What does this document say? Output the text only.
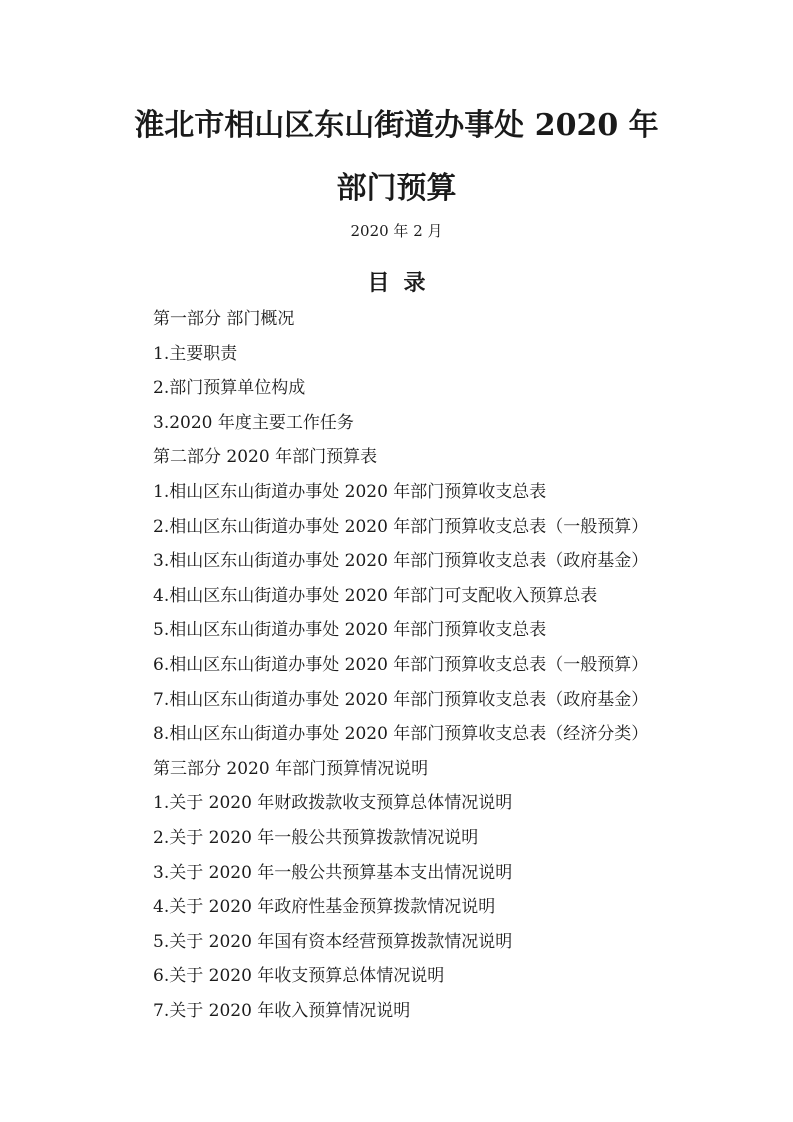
淮北市相山区东山街道办事处 2020 年
部门预算
2020 年 2 月
目录
第一部分 部门概况
1.主要职责
2.部门预算单位构成
3.2020 年度主要工作任务
第二部分 2020 年部门预算表
1.相山区东山街道办事处 2020 年部门预算收支总表
2.相山区东山街道办事处 2020 年部门预算收支总表（一般预算）
3.相山区东山街道办事处 2020 年部门预算收支总表（政府基金）
4.相山区东山街道办事处 2020 年部门可支配收入预算总表
5.相山区东山街道办事处 2020 年部门预算收支总表
6.相山区东山街道办事处 2020 年部门预算收支总表（一般预算）
7.相山区东山街道办事处 2020 年部门预算收支总表（政府基金）
8.相山区东山街道办事处 2020 年部门预算收支总表（经济分类）
第三部分 2020 年部门预算情况说明
1.关于 2020 年财政拨款收支预算总体情况说明
2.关于 2020 年一般公共预算拨款情况说明
3.关于 2020 年一般公共预算基本支出情况说明
4.关于 2020 年政府性基金预算拨款情况说明
5.关于 2020 年国有资本经营预算拨款情况说明
6.关于 2020 年收支预算总体情况说明
7.关于 2020 年收入预算情况说明
